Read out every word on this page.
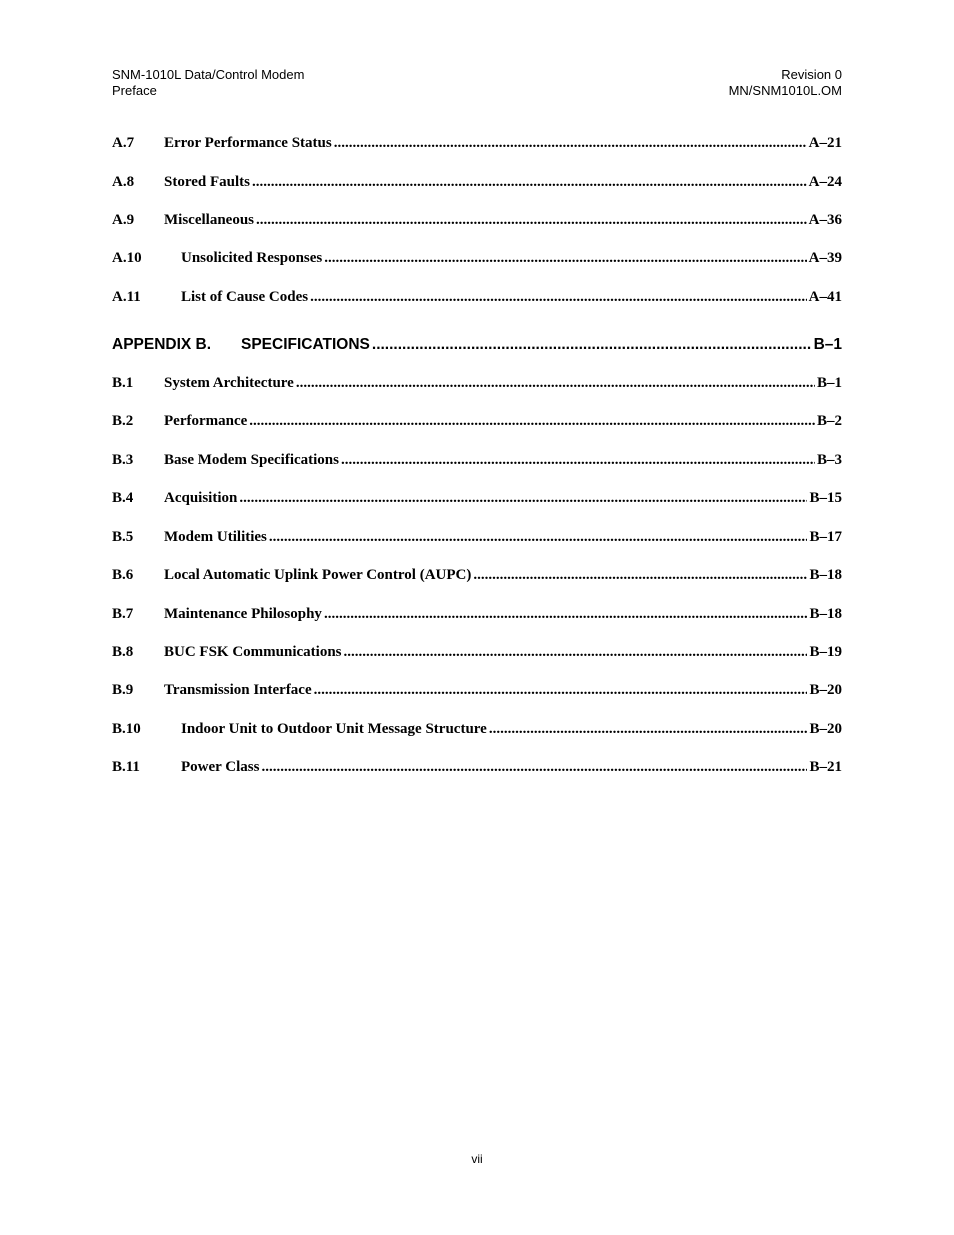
SNM-1010L Data/Control Modem
Preface
Revision 0
MN/SNM1010L.OM
A.7	Error Performance Status .....	A–21
A.8	Stored Faults .....	A–24
A.9	Miscellaneous .....	A–36
A.10	Unsolicited Responses .....	A–39
A.11	List of Cause Codes .....	A–41
APPENDIX B.	SPECIFICATIONS .....	B–1
B.1	System Architecture .....	B–1
B.2	Performance .....	B–2
B.3	Base Modem Specifications .....	B–3
B.4	Acquisition .....	B–15
B.5	Modem Utilities .....	B–17
B.6	Local Automatic Uplink Power Control (AUPC) .....	B–18
B.7	Maintenance Philosophy .....	B–18
B.8	BUC FSK Communications .....	B–19
B.9	Transmission Interface .....	B–20
B.10	Indoor Unit to Outdoor Unit Message Structure .....	B–20
B.11	Power Class .....	B–21
vii
